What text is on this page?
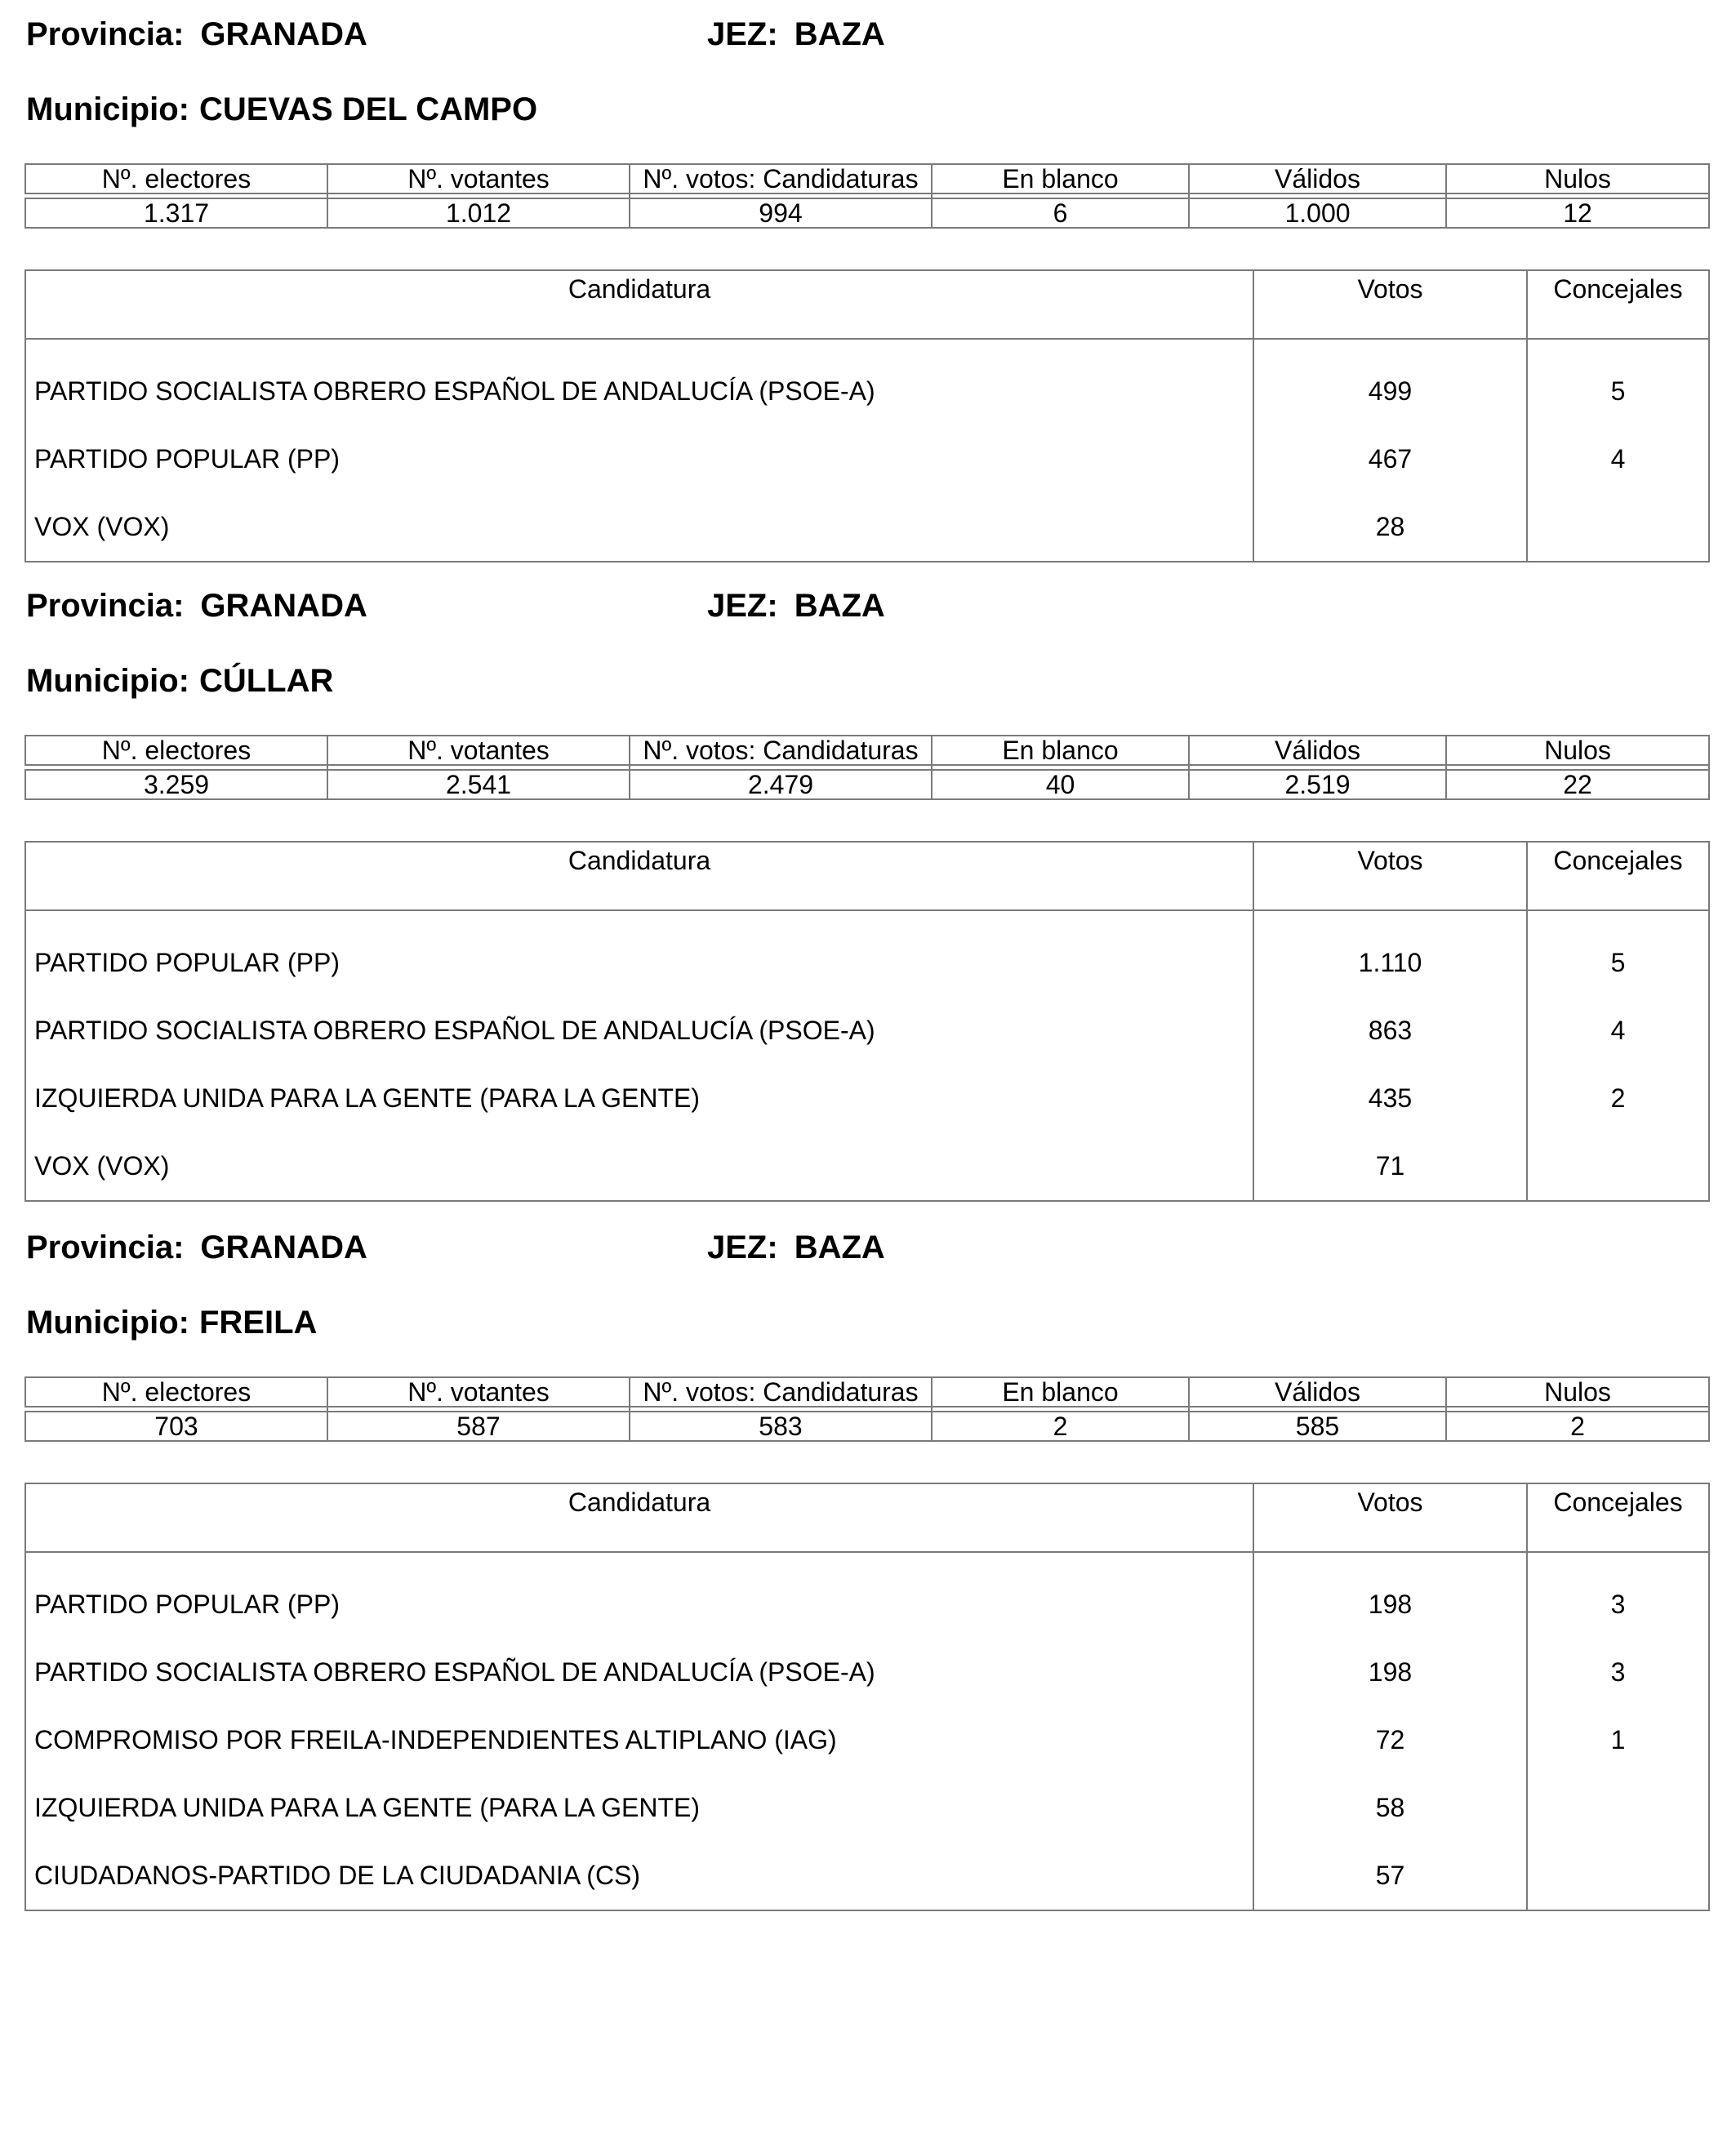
Provincia: GRANADA	JEZ: BAZA
Municipio: CUEVAS DEL CAMPO
Nº. electores	Nº. votantes	Nº. votos: Candidaturas	En blanco	Válidos	Nulos

1.317	1.012	994	6	1.000	12
Candidatura	Votos	Concejales
PARTIDO SOCIALISTA OBRERO ESPAÑOL DE ANDALUCÍA (PSOE-A)	499	5
PARTIDO POPULAR (PP)	467	4
VOX (VOX)	28	
Provincia: GRANADA	JEZ: BAZA
Municipio: CÚLLAR
Nº. electores	Nº. votantes	Nº. votos: Candidaturas	En blanco	Válidos	Nulos

3.259	2.541	2.479	40	2.519	22
Candidatura	Votos	Concejales
PARTIDO POPULAR (PP)	1.110	5
PARTIDO SOCIALISTA OBRERO ESPAÑOL DE ANDALUCÍA (PSOE-A)	863	4
IZQUIERDA UNIDA PARA LA GENTE (PARA LA GENTE)	435	2
VOX (VOX)	71	
Provincia: GRANADA	JEZ: BAZA
Municipio: FREILA
Nº. electores	Nº. votantes	Nº. votos: Candidaturas	En blanco	Válidos	Nulos

703	587	583	2	585	2
Candidatura	Votos	Concejales
PARTIDO POPULAR (PP)	198	3
PARTIDO SOCIALISTA OBRERO ESPAÑOL DE ANDALUCÍA (PSOE-A)	198	3
COMPROMISO POR FREILA-INDEPENDIENTES ALTIPLANO (IAG)	72	1
IZQUIERDA UNIDA PARA LA GENTE (PARA LA GENTE)	58	
CIUDADANOS-PARTIDO DE LA CIUDADANIA (CS)	57	
